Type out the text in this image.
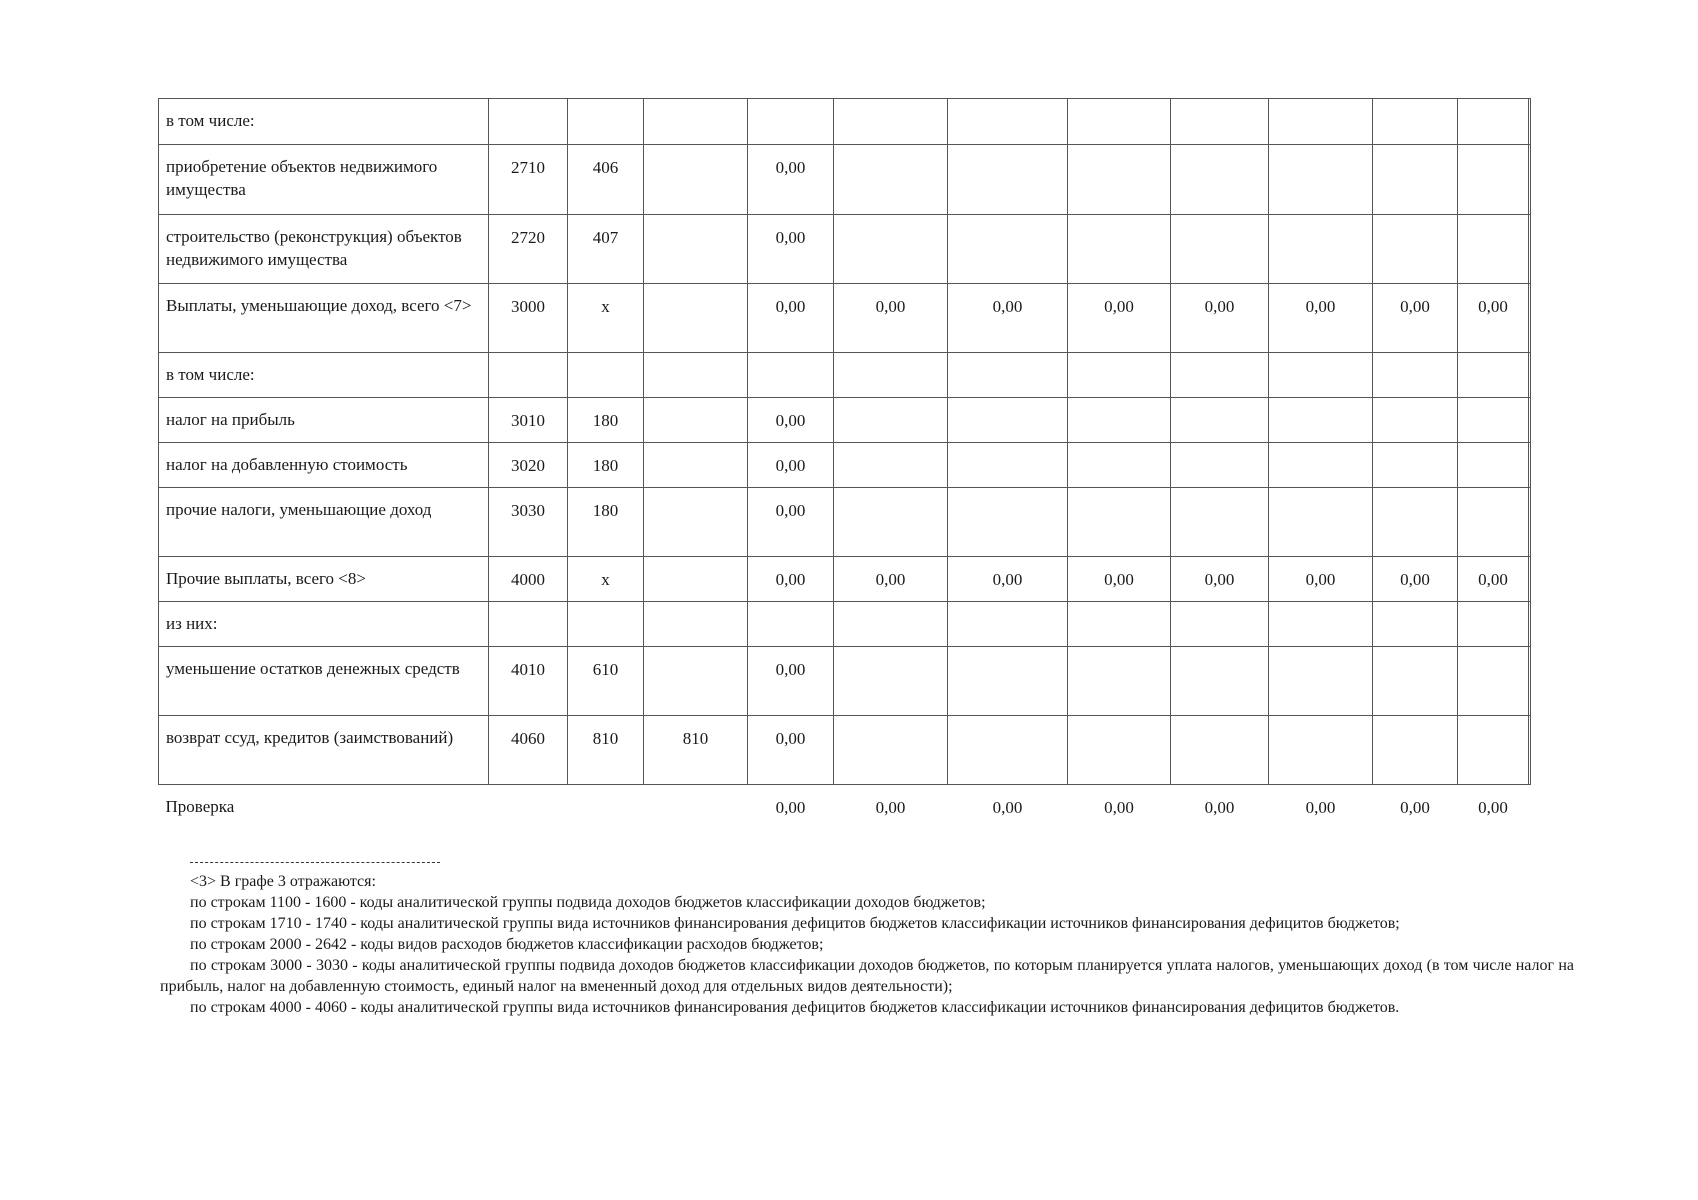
в том числе:												
приобретение объектов недвижимого имущества	2710	406		0,00								
строительство (реконструкция) объектов недвижимого имущества	2720	407		0,00								
Выплаты, уменьшающие доход, всего <7>	3000	x		0,00	0,00	0,00	0,00	0,00	0,00	0,00	0,00	
в том числе:												
налог на прибыль	3010	180		0,00								
налог на добавленную стоимость	3020	180		0,00								
прочие налоги, уменьшающие доход	3030	180		0,00								
Прочие выплаты, всего <8>	4000	x		0,00	0,00	0,00	0,00	0,00	0,00	0,00	0,00	
из них:												
уменьшение остатков денежных средств	4010	610		0,00								
возврат ссуд, кредитов (заимствований)	4060	810	810	0,00								
Проверка				0,00	0,00	0,00	0,00	0,00	0,00	0,00	0,00	

<3> В графе 3 отражаются:

по строкам 1100 - 1600 - коды аналитической группы подвида доходов бюджетов классификации доходов бюджетов;

по строкам 1710 - 1740 - коды аналитической группы вида источников финансирования дефицитов бюджетов классификации источников финансирования дефицитов бюджетов;

по строкам 2000 - 2642 - коды видов расходов бюджетов классификации расходов бюджетов;

по строкам 3000 - 3030 - коды аналитической группы подвида доходов бюджетов классификации доходов бюджетов, по которым планируется уплата налогов, уменьшающих доход (в том числе налог на прибыль, налог на добавленную стоимость, единый налог на вмененный доход для отдельных видов деятельности);

по строкам 4000 - 4060 - коды аналитической группы вида источников финансирования дефицитов бюджетов классификации источников финансирования дефицитов бюджетов.
